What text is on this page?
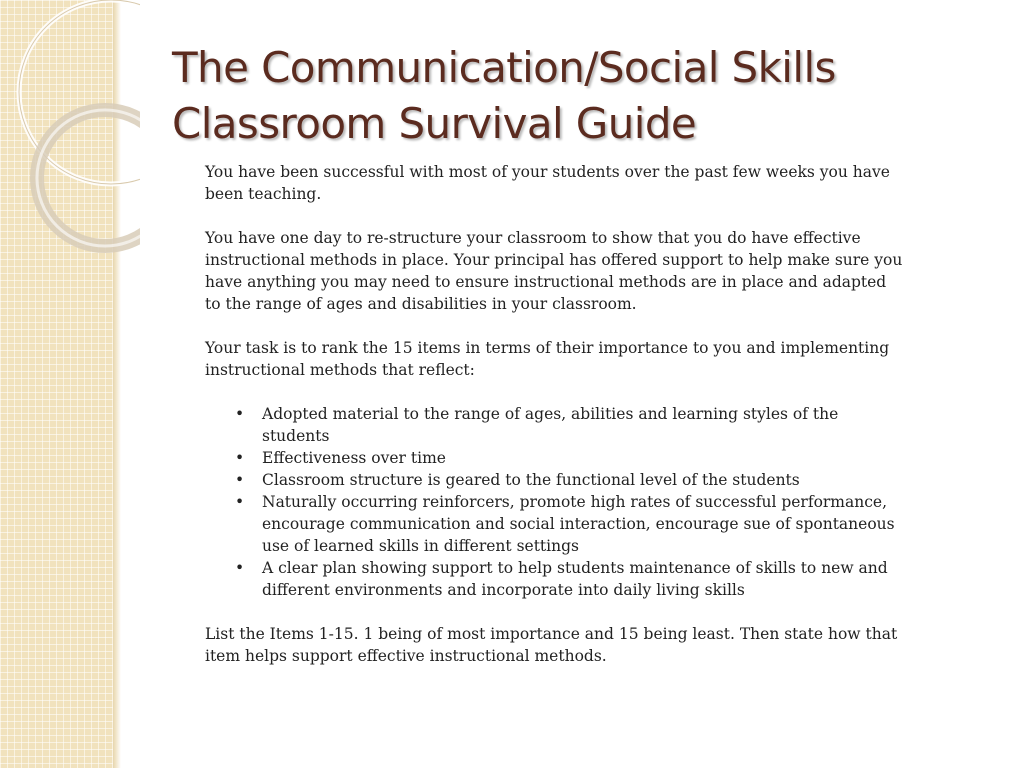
The Communication/Social Skills
Classroom Survival Guide

You have been successful with most of your students over the past few weeks you have been teaching.

You have one day to re-structure your classroom to show that you do have effective instructional methods in place. Your principal has offered support to help make sure you have anything you may need to ensure instructional methods are in place and adapted to the range of ages and disabilities in your classroom.

Your task is to rank the 15 items in terms of their importance to you and implementing instructional methods that reflect:

• Adopted material to the range of ages, abilities and learning styles of the students
• Effectiveness over time
• Classroom structure is geared to the functional level of the students
• Naturally occurring reinforcers, promote high rates of successful performance, encourage communication and social interaction, encourage sue of spontaneous use of learned skills in different settings
• A clear plan showing support to help students maintenance of skills to new and different environments and incorporate into daily living skills

List the Items 1-15. 1 being of most importance and 15 being least. Then state how that item helps support effective instructional methods.
